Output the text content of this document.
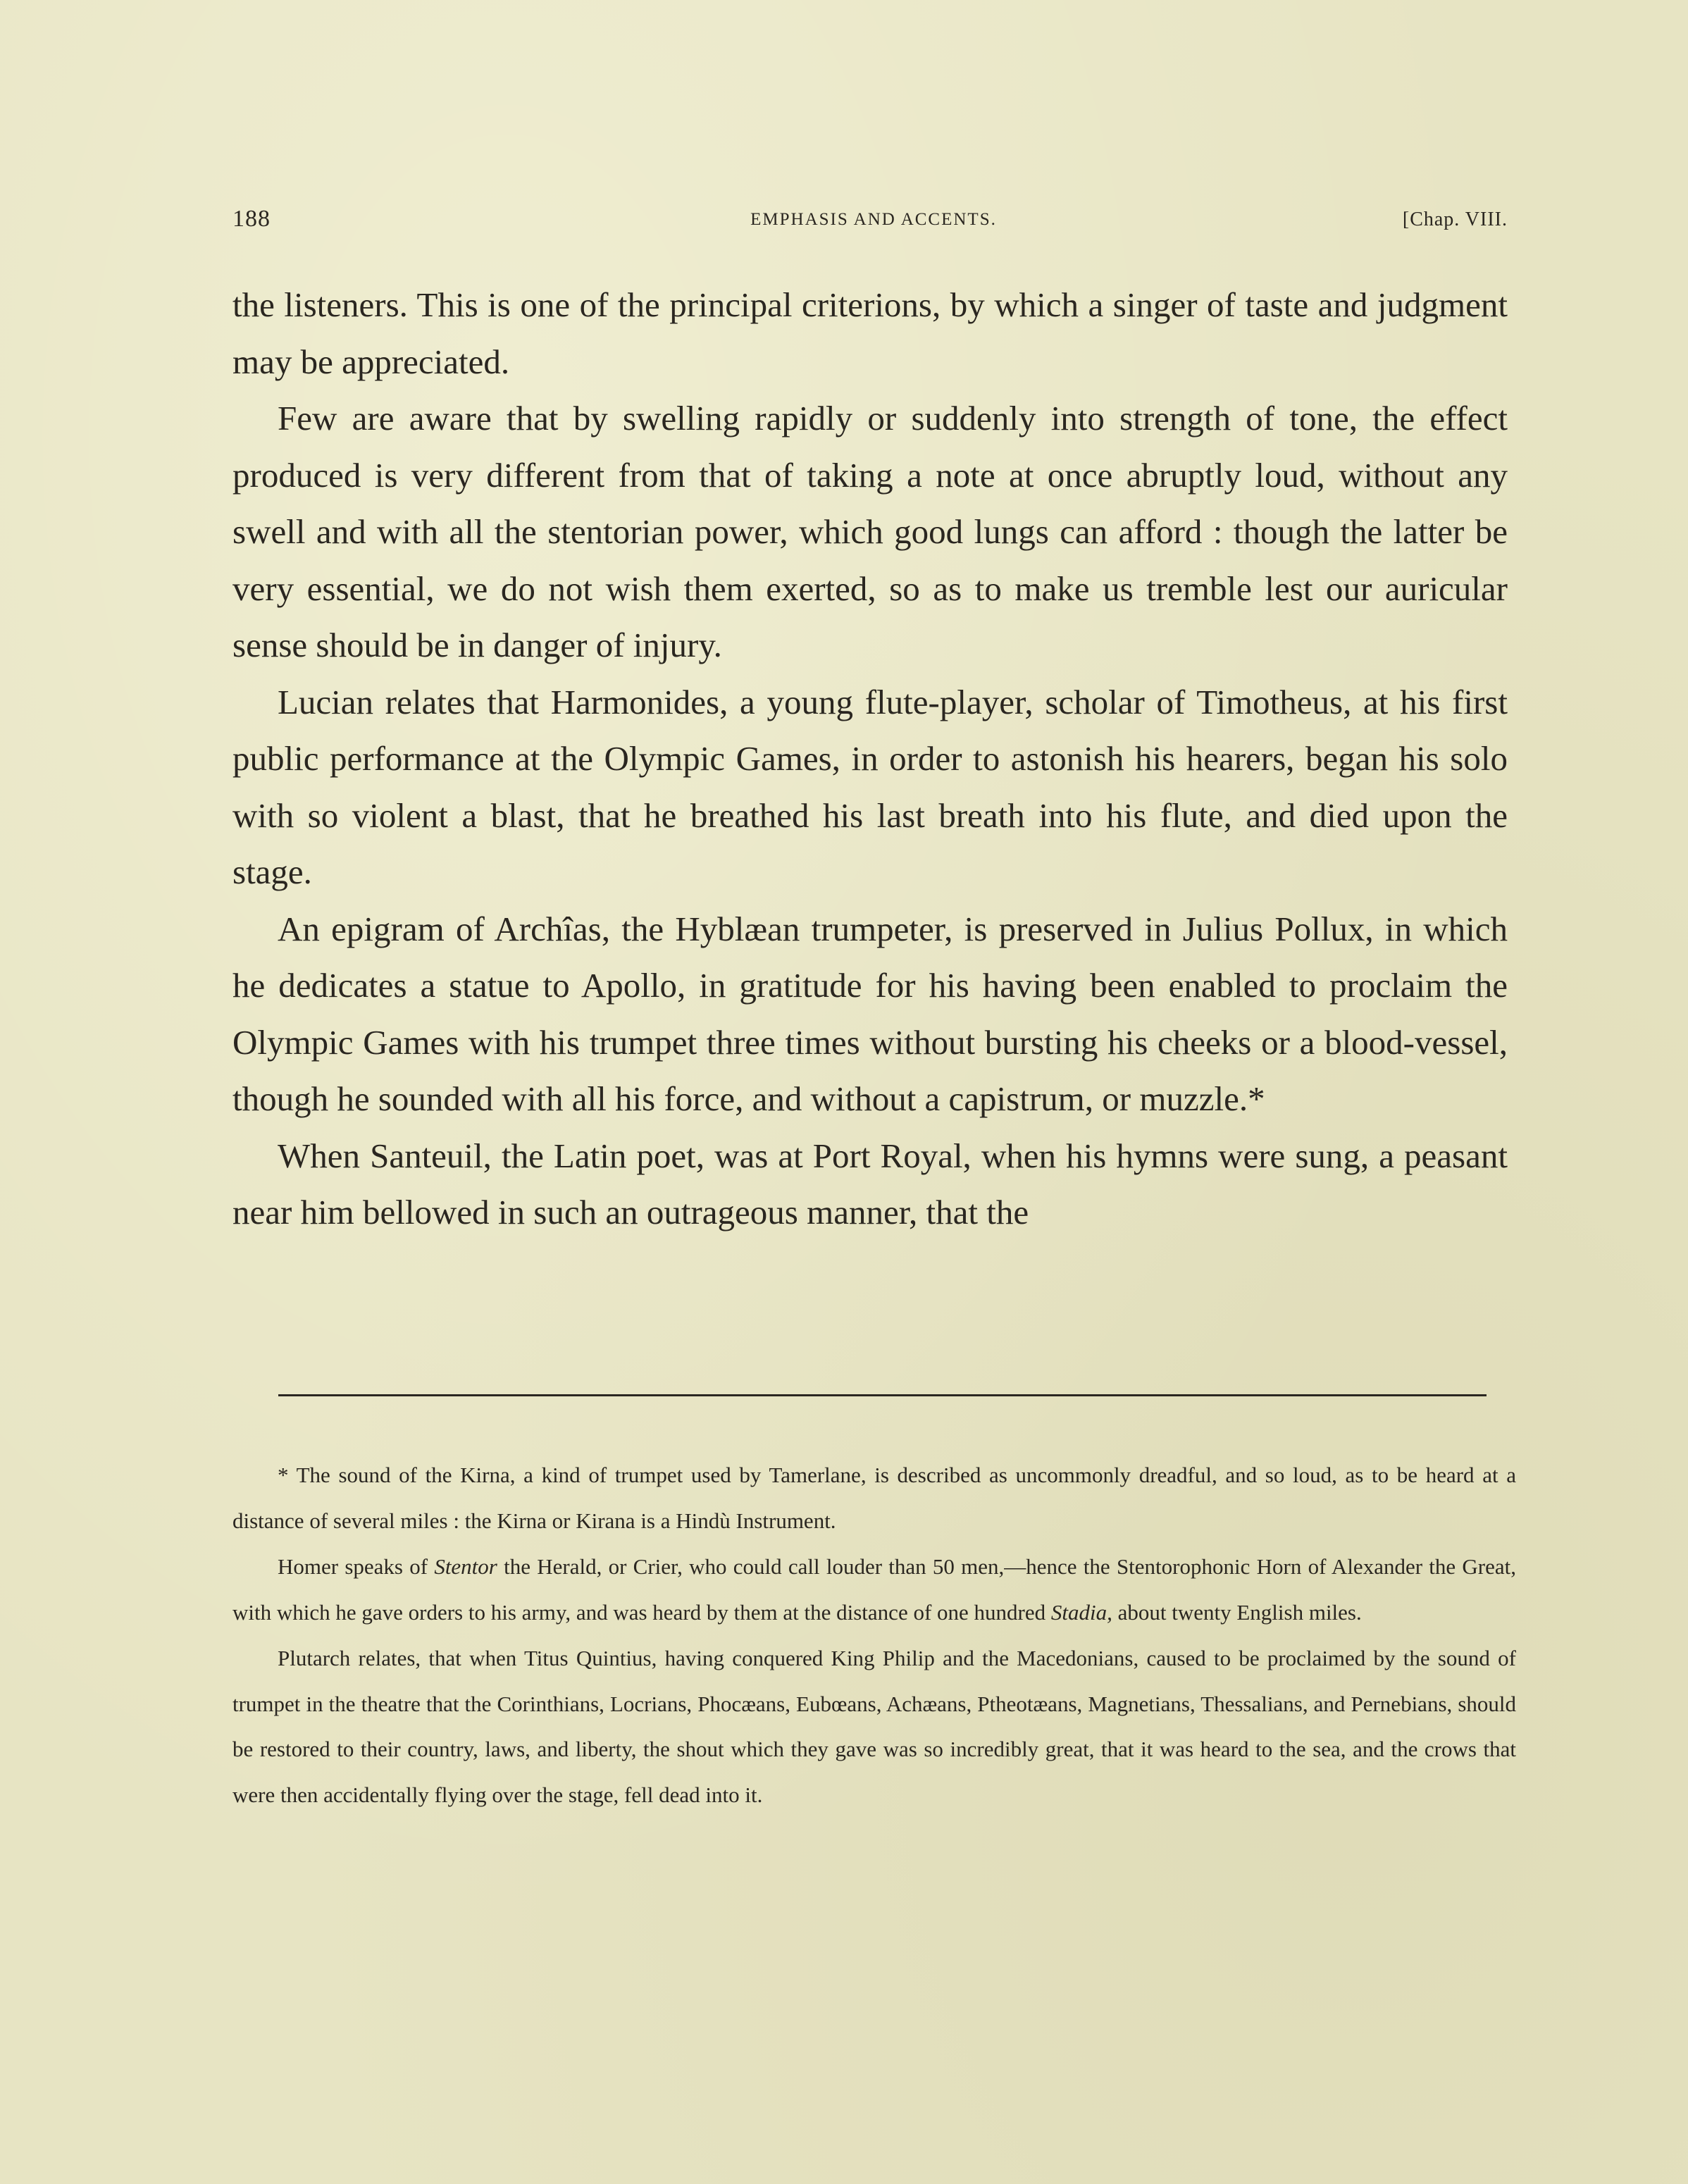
188	EMPHASIS AND ACCENTS.	[Chap. VIII.

the listeners. This is one of the principal criterions, by which a singer of taste and judgment may be appreciated.

Few are aware that by swelling rapidly or suddenly into strength of tone, the effect produced is very different from that of taking a note at once abruptly loud, without any swell and with all the stentorian power, which good lungs can afford : though the latter be very essential, we do not wish them exerted, so as to make us tremble lest our auricular sense should be in danger of injury.

Lucian relates that Harmonides, a young flute-player, scholar of Timotheus, at his first public performance at the Olympic Games, in order to astonish his hearers, began his solo with so violent a blast, that he breathed his last breath into his flute, and died upon the stage.

An epigram of Archîas, the Hyblæan trumpeter, is preserved in Julius Pollux, in which he dedicates a statue to Apollo, in gratitude for his having been enabled to proclaim the Olympic Games with his trumpet three times without bursting his cheeks or a blood-vessel, though he sounded with all his force, and without a capistrum, or muzzle.*

When Santeuil, the Latin poet, was at Port Royal, when his hymns were sung, a peasant near him bellowed in such an outrageous manner, that the

* The sound of the Kirna, a kind of trumpet used by Tamerlane, is described as uncommonly dreadful, and so loud, as to be heard at a distance of several miles : the Kirna or Kirana is a Hindù Instrument.

Homer speaks of Stentor the Herald, or Crier, who could call louder than 50 men,—hence the Stentorophonic Horn of Alexander the Great, with which he gave orders to his army, and was heard by them at the distance of one hundred Stadia, about twenty English miles.

Plutarch relates, that when Titus Quintius, having conquered King Philip and the Macedonians, caused to be proclaimed by the sound of trumpet in the theatre that the Corinthians, Locrians, Phocæans, Eubœans, Achæans, Ptheotæans, Magnetians, Thessalians, and Pernebians, should be restored to their country, laws, and liberty, the shout which they gave was so incredibly great, that it was heard to the sea, and the crows that were then accidentally flying over the stage, fell dead into it.
